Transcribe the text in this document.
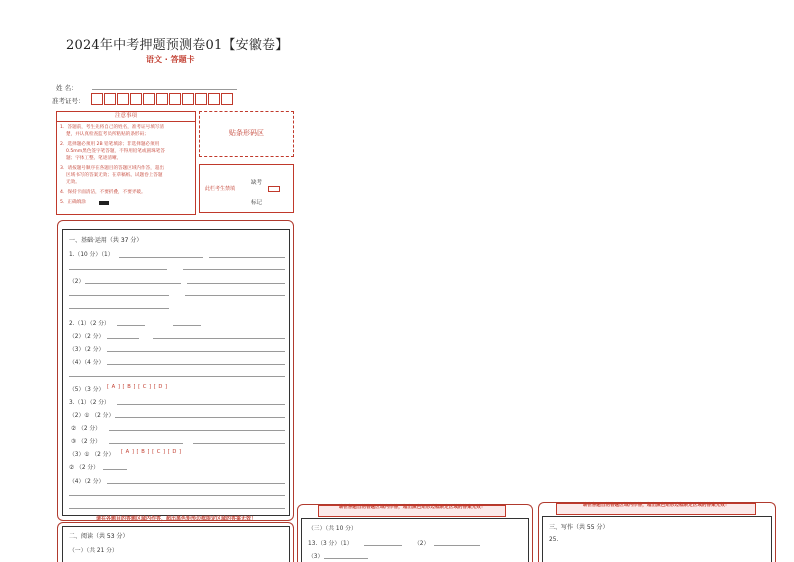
2024年中考押题预测卷01【安徽卷】
语文 · 答题卡
姓 名：
准考证号：
注意事项
1．答题前，考生先将自己的姓名，准考证号填写清
楚，并认真检查监考员所粘贴的条形码；
2．选择题必须用 2B 铅笔填涂；非选择题必须用
0.5mm黑色签字笔答题，不得用铅笔或圆珠笔答
题；字体工整、笔迹清晰。
3．请按题号顺序在各题目的答题区域内作答，超出
区域书写的答案无效；在草稿纸、试题卷上答题
无效。
4．保持卡面清洁，不要折叠，不要弄破。
5．正确填涂
贴条形码区
此栏考生禁填
缺考
标记
一、基础·运用（共 37 分）
1.（10 分）（1）
（2）
2.（1）（2 分）
（2）（2 分）
（3）（2 分）
（4）（4 分）
（5）（3 分） [ A ] [ B ] [ C ] [ D ]
3.（1）（2 分）
（2）① （2 分）
② （2 分）
③ （2 分）
（3）① （2 分） [ A ] [ B ] [ C ] [ D ]
② （2 分）
（4）（2 分）
请在各题目的答题区域内作答，超出黑色矩形边框限定区域的答案无效！
二、阅读（共 53 分）
（一）（共 21 分）
请在各题目的答题区域内作答，超出黑色矩形边框限定区域的答案无效！
（三）（共 10 分）
13.（3 分）（1）	（2）
（3）
请在各题目的答题区域内作答，超出黑色矩形边框限定区域的答案无效！
三、写作（共 55 分）
25.
